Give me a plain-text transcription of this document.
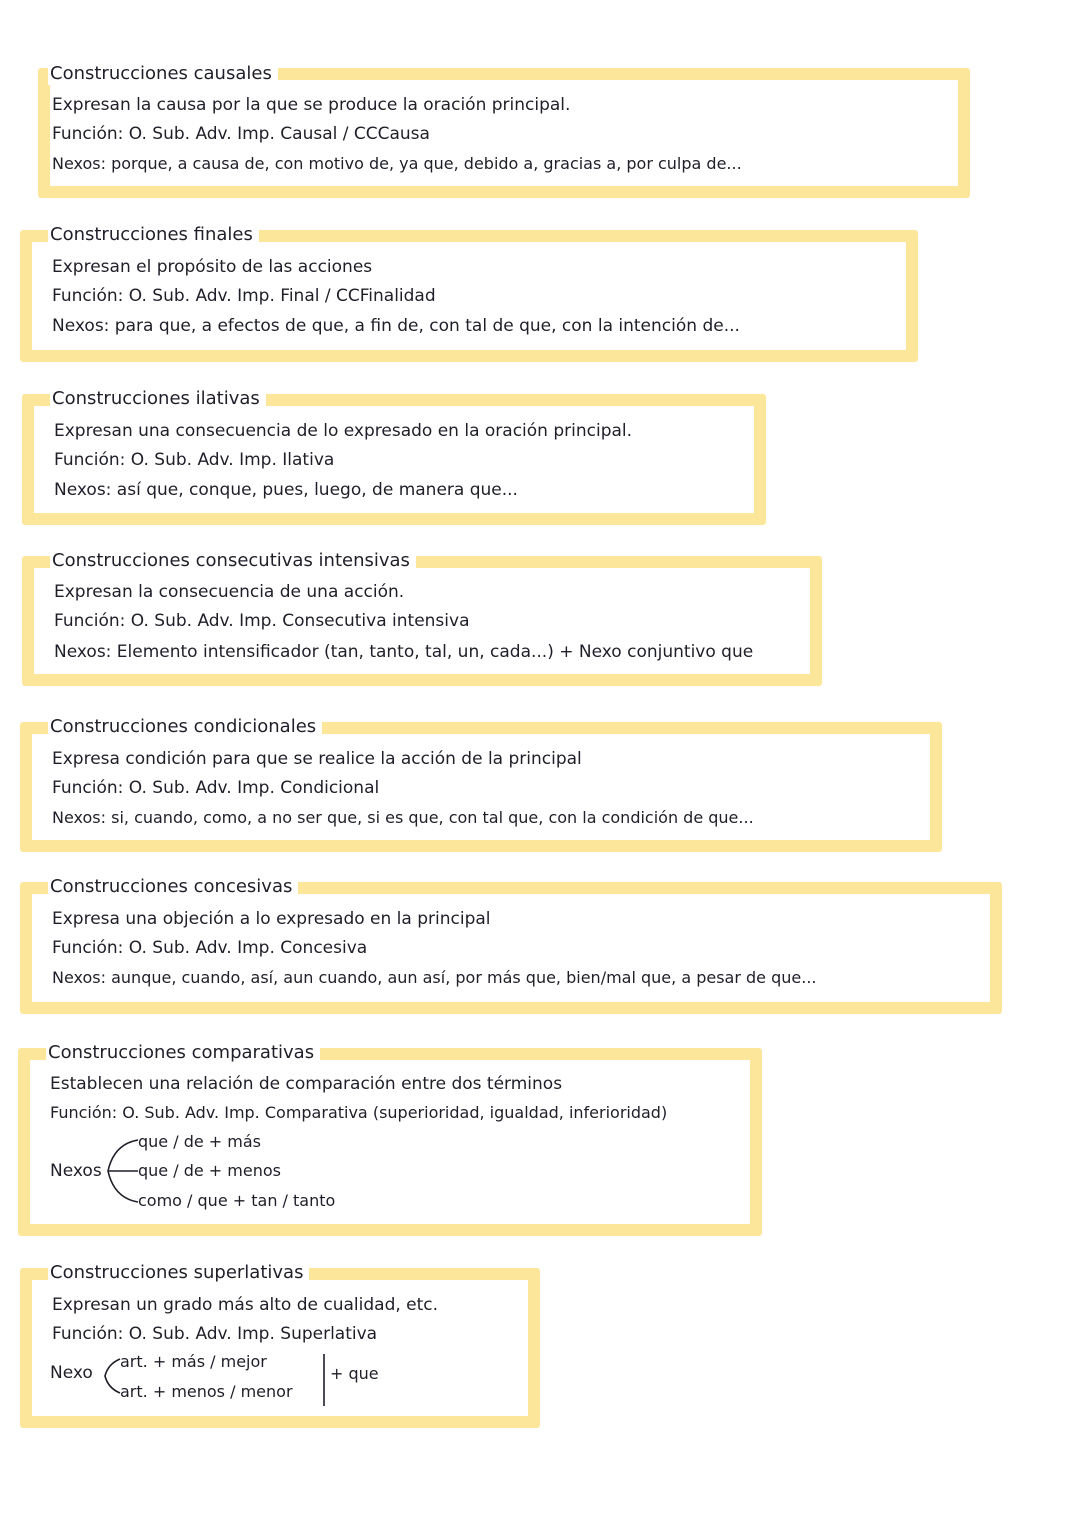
Construcciones causales
Expresan la causa por la que se produce la oración principal.
Función: O. Sub. Adv. Imp. Causal / CCCausa
Nexos: porque, a causa de, con motivo de, ya que, debido a, gracias a, por culpa de...
Construcciones finales
Expresan el propósito de las acciones
Función: O. Sub. Adv. Imp. Final / CCFinalidad
Nexos: para que, a efectos de que, a fin de, con tal de que, con la intención de...
Construcciones ilativas
Expresan una consecuencia de lo expresado en la oración principal.
Función: O. Sub. Adv. Imp. Ilativa
Nexos: así que, conque, pues, luego, de manera que...
Construcciones consecutivas intensivas
Expresan la consecuencia de una acción.
Función: O. Sub. Adv. Imp. Consecutiva intensiva
Nexos: Elemento intensificador (tan, tanto, tal, un, cada...) + Nexo conjuntivo que
Construcciones condicionales
Expresa condición para que se realice la acción de la principal
Función: O. Sub. Adv. Imp. Condicional
Nexos: si, cuando, como, a no ser que, si es que, con tal que, con la condición de que...
Construcciones concesivas
Expresa una objeción a lo expresado en la principal
Función: O. Sub. Adv. Imp. Concesiva
Nexos: aunque, cuando, así, aun cuando, aun así, por más que, bien/mal que, a pesar de que...
Construcciones comparativas
Establecen una relación de comparación entre dos términos
Función: O. Sub. Adv. Imp. Comparativa (superioridad, igualdad, inferioridad)
Nexos
que / de + más
que / de + menos
como / que + tan / tanto
Construcciones superlativas
Expresan un grado más alto de cualidad, etc.
Función: O. Sub. Adv. Imp. Superlativa
Nexo
art. + más / mejor
art. + menos / menor
+ que
